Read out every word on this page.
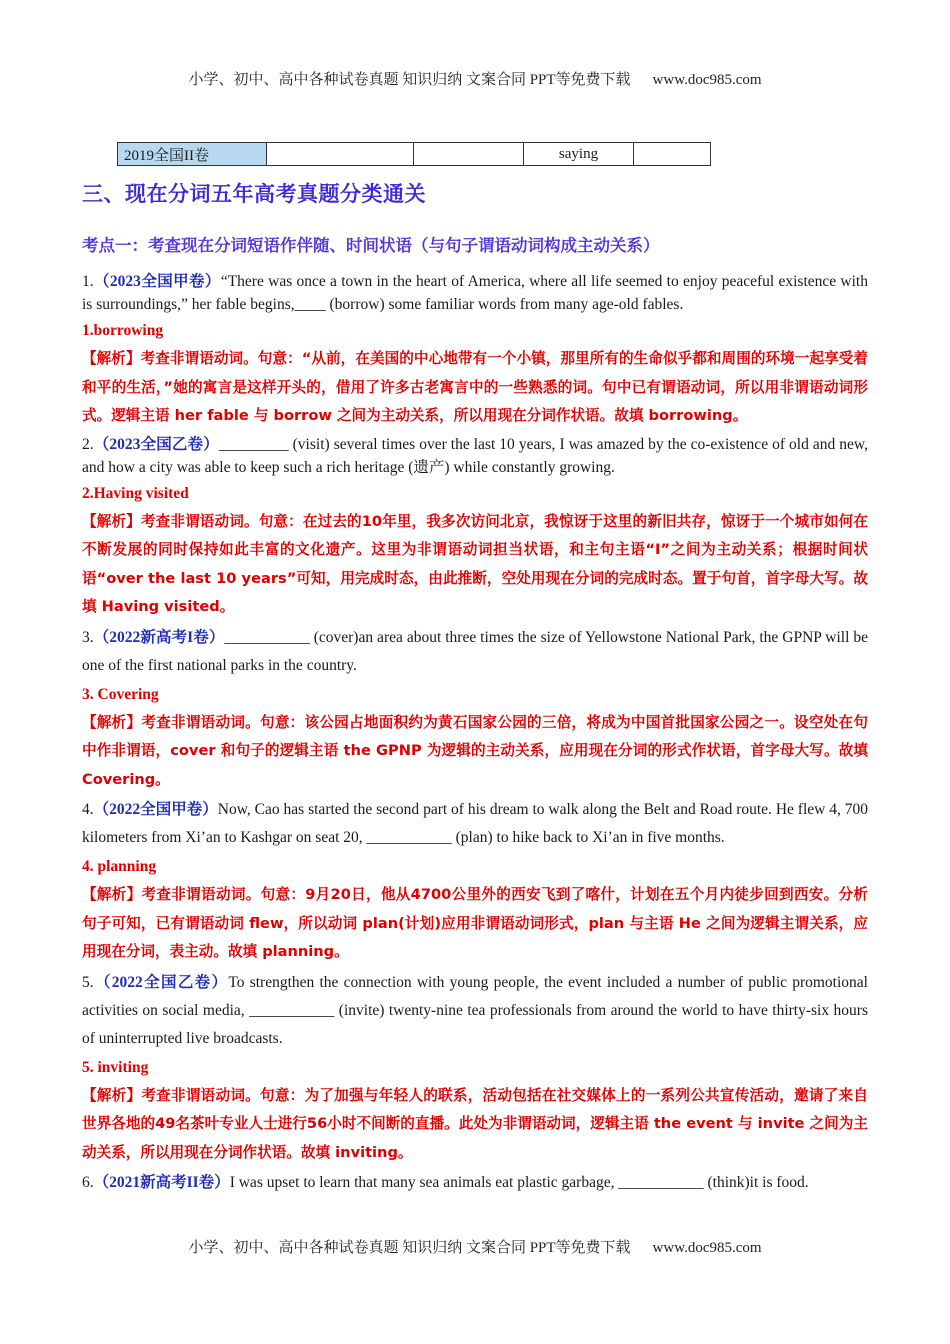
小学、初中、高中各种试卷真题 知识归纳 文案合同 PPT等免费下载 www.doc985.com
2019全国II卷			saying	
三、现在分词五年高考真题分类通关
考点一：考查现在分词短语作伴随、时间状语（与句子谓语动词构成主动关系）

1.（2023全国甲卷）“There was once a town in the heart of America, where all life seemed to enjoy peaceful existence with is surroundings,” her fable begins,____ (borrow) some familiar words from many age-old fables.

1.borrowing

【解析】考查非谓语动词。句意：“从前，在美国的中心地带有一个小镇，那里所有的生命似乎都和周围的环境一起享受着和平的生活，”她的寓言是这样开头的，借用了许多古老寓言中的一些熟悉的词。句中已有谓语动词，所以用非谓语动词形式。逻辑主语 her fable 与 borrow 之间为主动关系，所以用现在分词作状语。故填 borrowing。

2.（2023全国乙卷）_________ (visit) several times over the last 10 years, I was amazed by the co-existence of old and new, and how a city was able to keep such a rich heritage (遗产) while constantly growing.

2.Having visited

【解析】考查非谓语动词。句意：在过去的10年里，我多次访问北京，我惊讶于这里的新旧共存，惊讶于一个城市如何在不断发展的同时保持如此丰富的文化遗产。这里为非谓语动词担当状语，和主句主语“I”之间为主动关系；根据时间状语“over the last 10 years”可知，用完成时态，由此推断，空处用现在分词的完成时态。置于句首，首字母大写。故填 Having visited。

3.（2022新高考I卷）___________ (cover)an area about three times the size of Yellowstone National Park, the GPNP will be one of the first national parks in the country.

3. Covering

【解析】考查非谓语动词。句意：该公园占地面积约为黄石国家公园的三倍，将成为中国首批国家公园之一。设空处在句中作非谓语，cover 和句子的逻辑主语 the GPNP 为逻辑的主动关系，应用现在分词的形式作状语，首字母大写。故填 Covering。

4.（2022全国甲卷）Now, Cao has started the second part of his dream to walk along the Belt and Road route. He flew 4, 700 kilometers from Xi’an to Kashgar on seat 20, ___________ (plan) to hike back to Xi’an in five months.

4. planning

【解析】考查非谓语动词。句意：9月20日，他从4700公里外的西安飞到了喀什，计划在五个月内徒步回到西安。分析句子可知，已有谓语动词 flew，所以动词 plan(计划)应用非谓语动词形式，plan 与主语 He 之间为逻辑主谓关系，应用现在分词，表主动。故填 planning。

5.（2022全国乙卷）To strengthen the connection with young people, the event included a number of public promotional activities on social media, ___________ (invite) twenty-nine tea professionals from around the world to have thirty-six hours of uninterrupted live broadcasts.

5. inviting

【解析】考查非谓语动词。句意：为了加强与年轻人的联系，活动包括在社交媒体上的一系列公共宣传活动，邀请了来自世界各地的49名茶叶专业人士进行56小时不间断的直播。此处为非谓语动词，逻辑主语 the event 与 invite 之间为主动关系，所以用现在分词作状语。故填 inviting。

6.（2021新高考II卷）I was upset to learn that many sea animals eat plastic garbage, ___________ (think)it is food.

小学、初中、高中各种试卷真题 知识归纳 文案合同 PPT等免费下载 www.doc985.com
